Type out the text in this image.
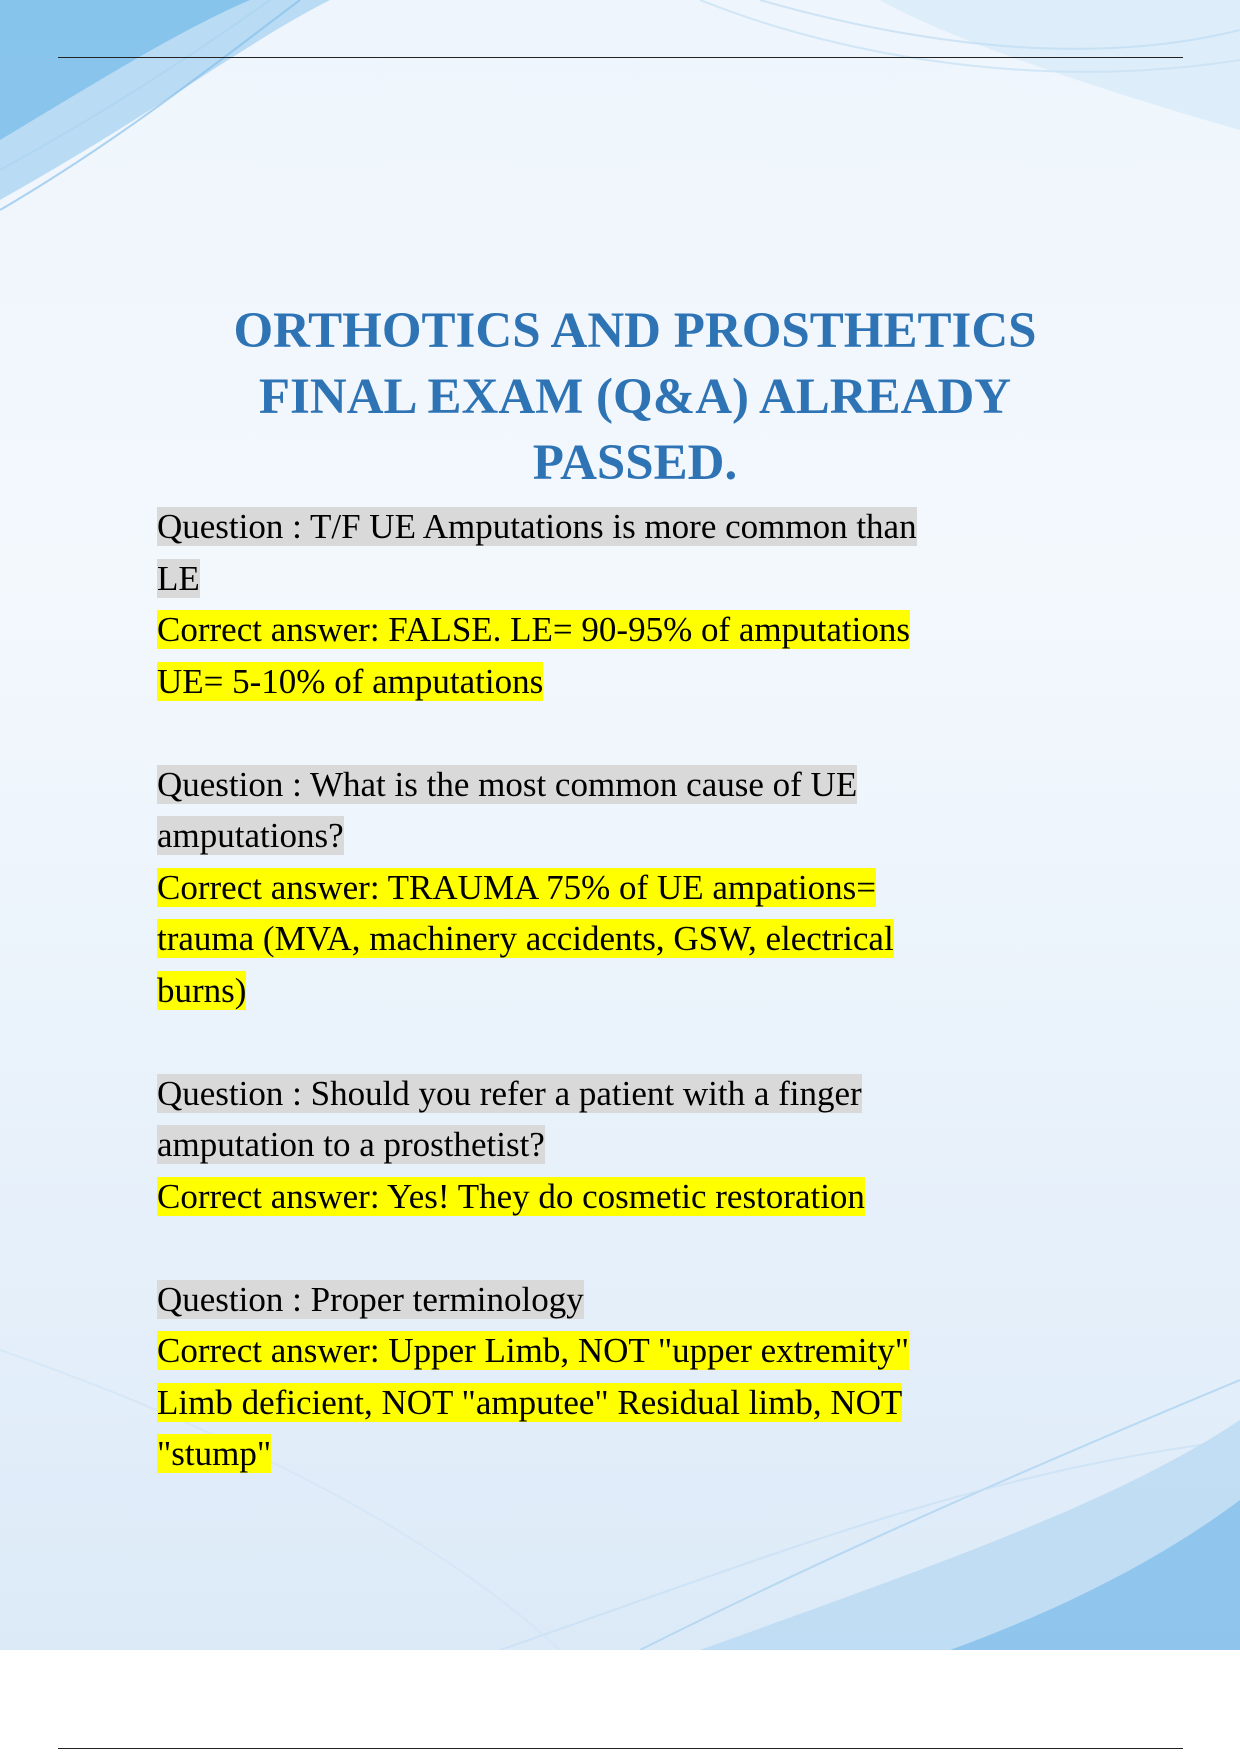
ORTHOTICS AND PROSTHETICS
FINAL EXAM (Q&A) ALREADY
PASSED.
Question : T/F UE Amputations is more common than
LE
Correct answer: FALSE. LE= 90-95% of amputations
UE= 5-10% of amputations
Question : What is the most common cause of UE
amputations?
Correct answer: TRAUMA 75% of UE ampations=
trauma (MVA, machinery accidents, GSW, electrical
burns)
Question : Should you refer a patient with a finger
amputation to a prosthetist?
Correct answer: Yes! They do cosmetic restoration
Question : Proper terminology
Correct answer: Upper Limb, NOT "upper extremity"
Limb deficient, NOT "amputee" Residual limb, NOT
"stump"
